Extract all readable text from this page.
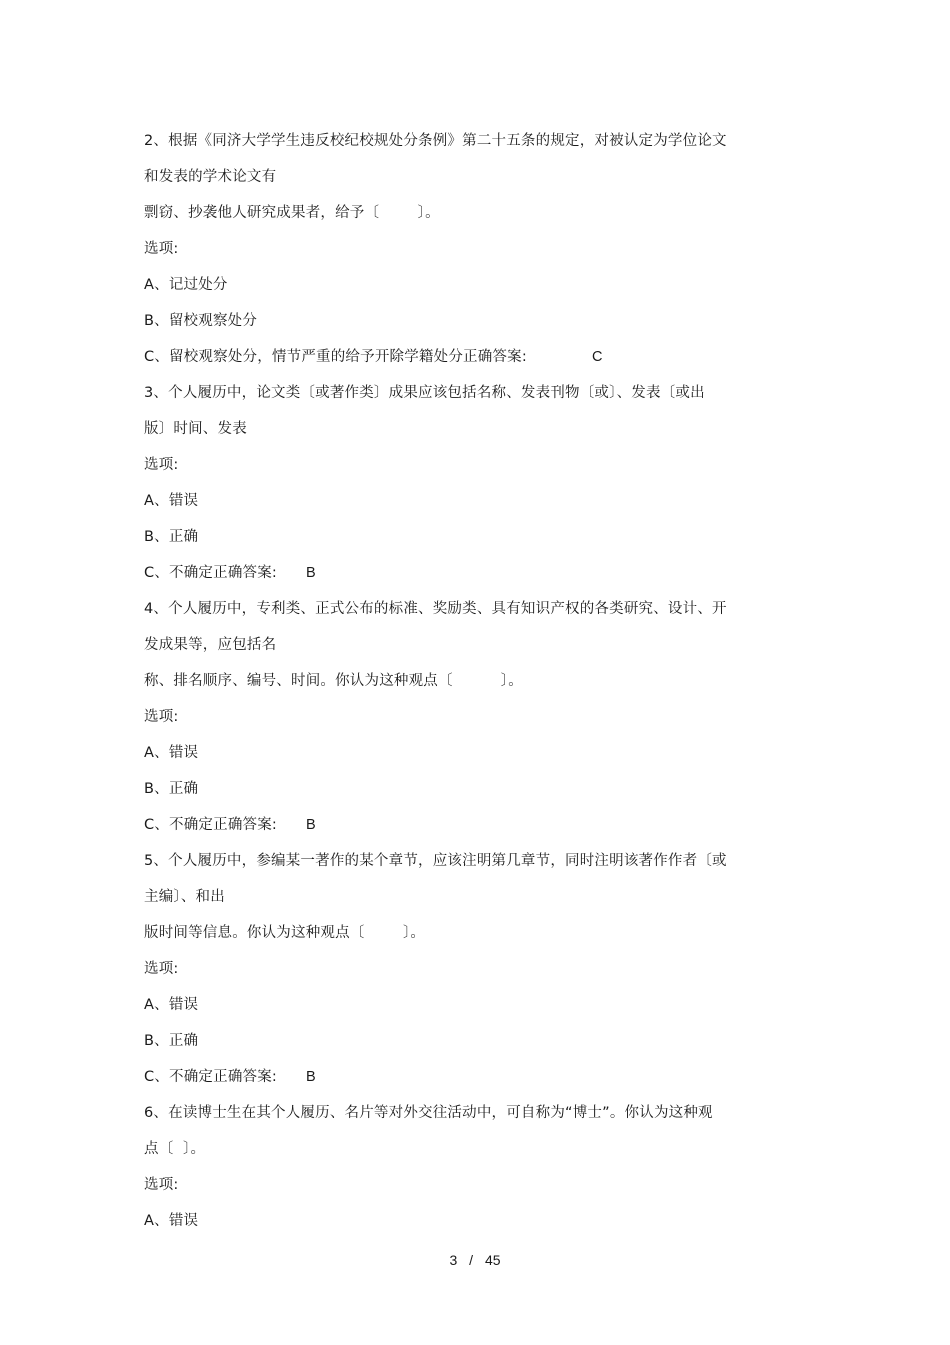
2、根据《同济大学学生违反校纪校规处分条例》第二十五条的规定，对被认定为学位论文
和发表的学术论文有
剽窃、抄袭他人研究成果者，给予〔        〕。
选项:
A、记过处分
B、留校观察处分
C、留校观察处分，情节严重的给予开除学籍处分正确答案:	C
3、个人履历中，论文类〔或著作类〕成果应该包括名称、发表刊物〔或〕、发表〔或出
版〕时间、发表
选项:
A、错误
B、正确
C、不确定正确答案: B
4、个人履历中，专利类、正式公布的标准、奖励类、具有知识产权的各类研究、设计、开
发成果等，应包括名
称、排名顺序、编号、时间。你认为这种观点〔          〕。
选项:
A、错误
B、正确
C、不确定正确答案: B
5、个人履历中，参编某一著作的某个章节，应该注明第几章节，同时注明该著作作者〔或
主编〕、和出
版时间等信息。你认为这种观点〔        〕。
选项:
A、错误
B、正确
C、不确定正确答案: B
6、在读博士生在其个人履历、名片等对外交往活动中，可自称为“博士”。你认为这种观
点〔  〕。
选项:
A、错误
3 / 45
